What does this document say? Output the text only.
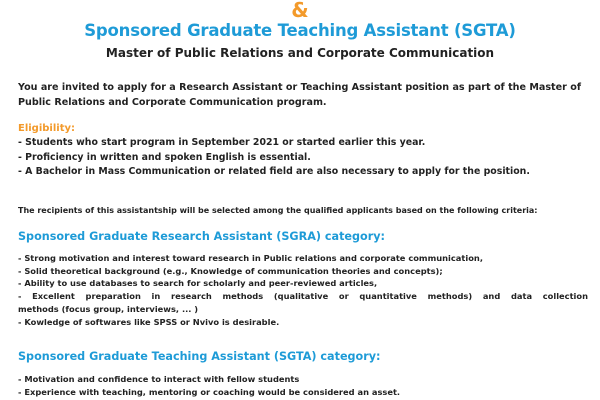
&
Sponsored Graduate Teaching Assistant (SGTA)
Master of Public Relations and Corporate Communication
You are invited to apply for a Research Assistant or Teaching Assistant position as part of the Master of Public Relations and Corporate Communication program.
Eligibility:
- Students who start program in September 2021 or started earlier this year.
- Proficiency in written and spoken English is essential.
- A Bachelor in Mass Communication or related field are also necessary to apply for the position.
The recipients of this assistantship will be selected among the qualified applicants based on the following criteria:
Sponsored Graduate Research Assistant (SGRA) category:
- Strong motivation and interest toward research in Public relations and corporate communication,
- Solid theoretical background (e.g., Knowledge of communication theories and concepts);
- Ability to use databases to search for scholarly and peer-reviewed articles,
- Excellent preparation in research methods (qualitative or quantitative methods) and data collection
methods (focus group, interviews, ... )
- Kowledge of softwares like SPSS or Nvivo is desirable.
Sponsored Graduate Teaching Assistant (SGTA) category:
- Motivation and confidence to interact with fellow students
- Experience with teaching, mentoring or coaching would be considered an asset.
